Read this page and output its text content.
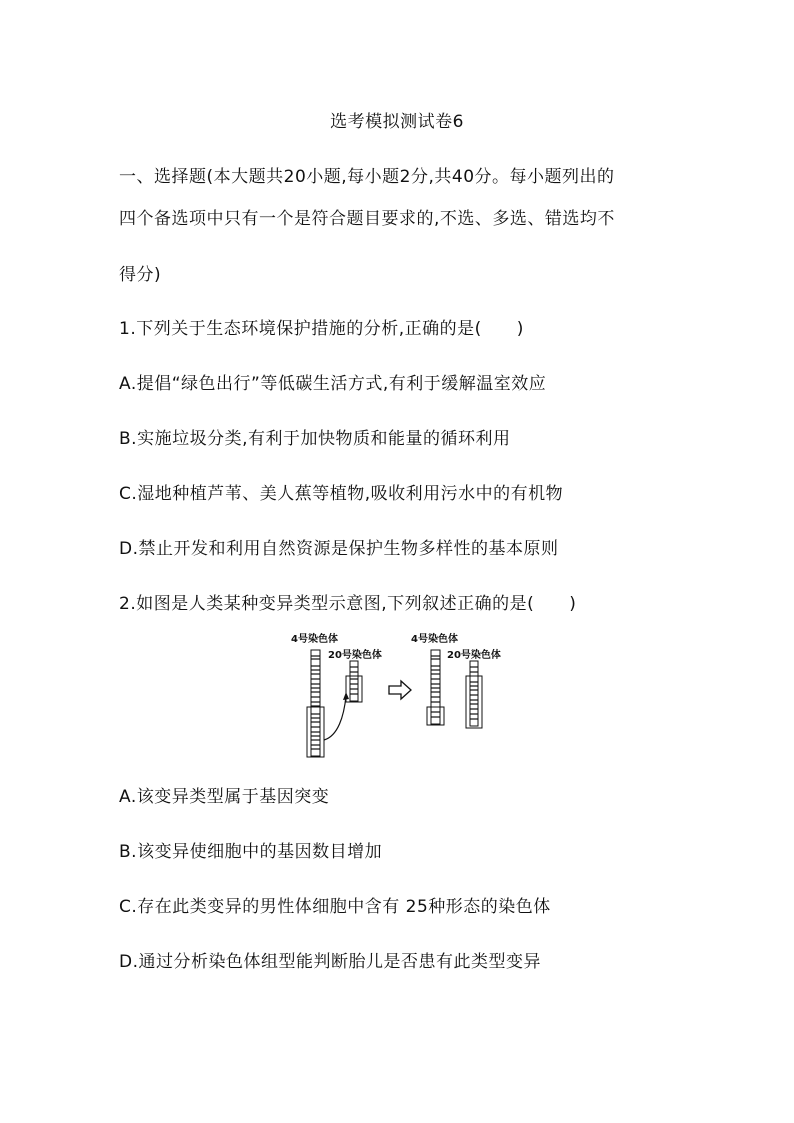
选考模拟测试卷6
一、选择题(本大题共20小题,每小题2分,共40分。每小题列出的
四个备选项中只有一个是符合题目要求的,不选、多选、错选均不
得分)
1.下列关于生态环境保护措施的分析,正确的是(　　)
A.提倡“绿色出行”等低碳生活方式,有利于缓解温室效应
B.实施垃圾分类,有利于加快物质和能量的循环利用
C.湿地种植芦苇、美人蕉等植物,吸收利用污水中的有机物
D.禁止开发和利用自然资源是保护生物多样性的基本原则
2.如图是人类某种变异类型示意图,下列叙述正确的是(　　)
4号染色体
20号染色体
4号染色体
20号染色体
A.该变异类型属于基因突变
B.该变异使细胞中的基因数目增加
C.存在此类变异的男性体细胞中含有 25种形态的染色体
D.通过分析染色体组型能判断胎儿是否患有此类型变异
